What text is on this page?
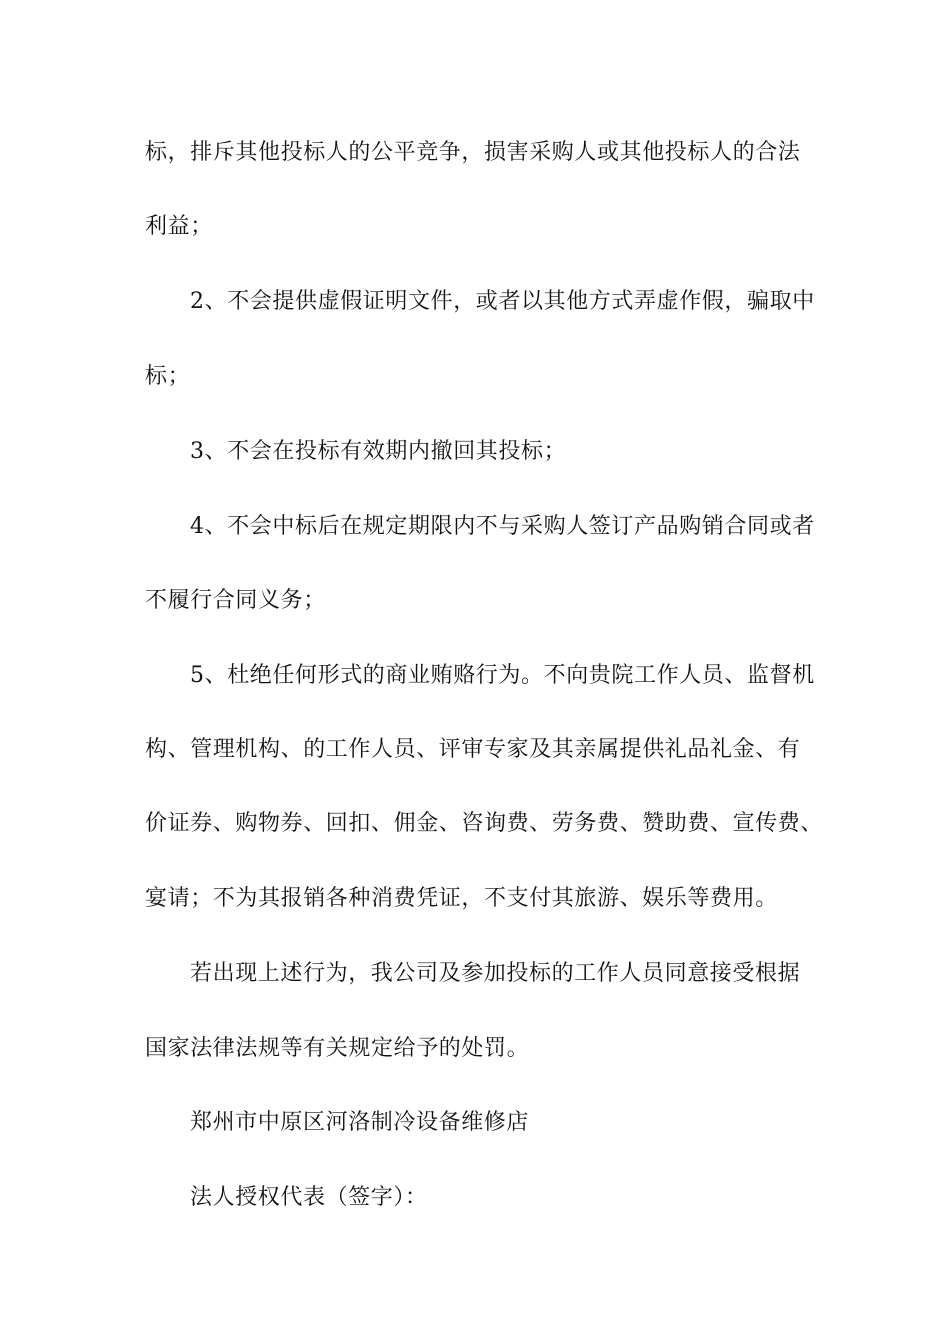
标，排斥其他投标人的公平竞争，损害采购人或其他投标人的合法
利益；
2、不会提供虚假证明文件，或者以其他方式弄虚作假，骗取中
标；
3、不会在投标有效期内撤回其投标；
4、不会中标后在规定期限内不与采购人签订产品购销合同或者
不履行合同义务；
5、杜绝任何形式的商业贿赂行为。不向贵院工作人员、监督机
构、管理机构、的工作人员、评审专家及其亲属提供礼品礼金、有
价证券、购物券、回扣、佣金、咨询费、劳务费、赞助费、宣传费、
宴请；不为其报销各种消费凭证，不支付其旅游、娱乐等费用。
若出现上述行为，我公司及参加投标的工作人员同意接受根据
国家法律法规等有关规定给予的处罚。
郑州市中原区河洛制冷设备维修店
法人授权代表（签字）：
